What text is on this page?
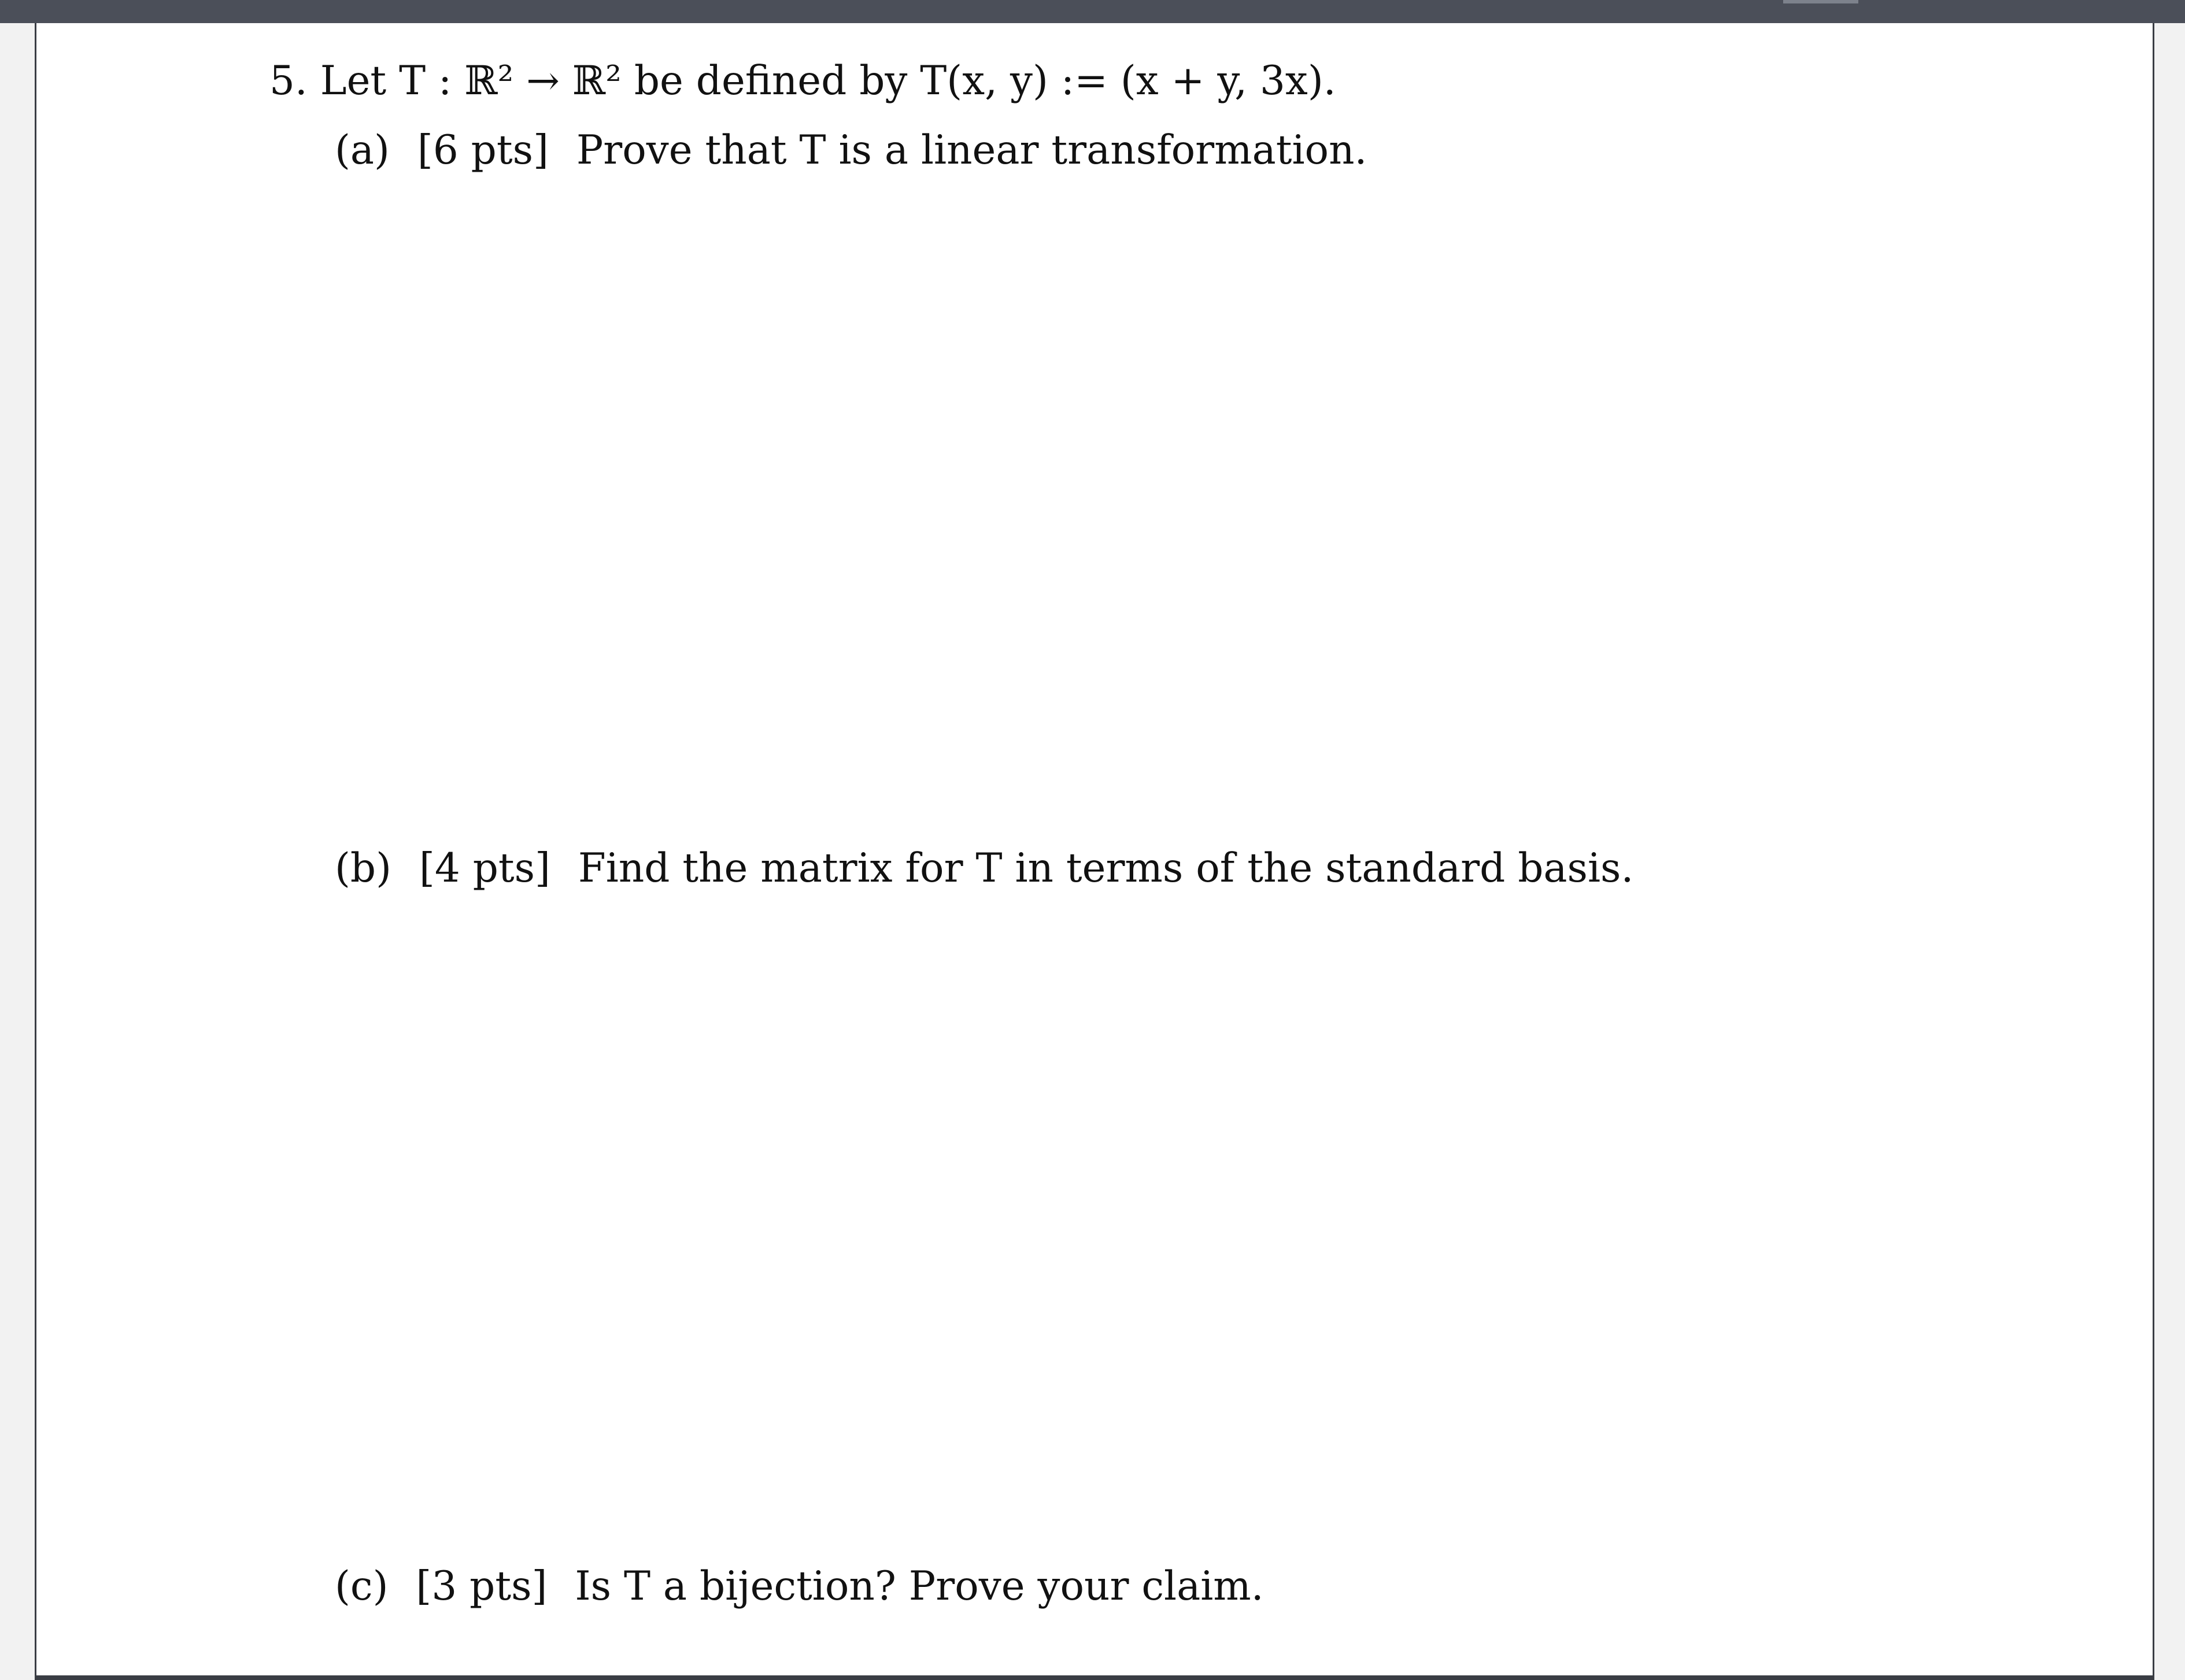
5. Let T : ℝ² → ℝ² be defined by T(x, y) := (x + y, 3x).
(a) [6 pts] Prove that T is a linear transformation.
(b) [4 pts] Find the matrix for T in terms of the standard basis.
(c) [3 pts] Is T a bijection? Prove your claim.
